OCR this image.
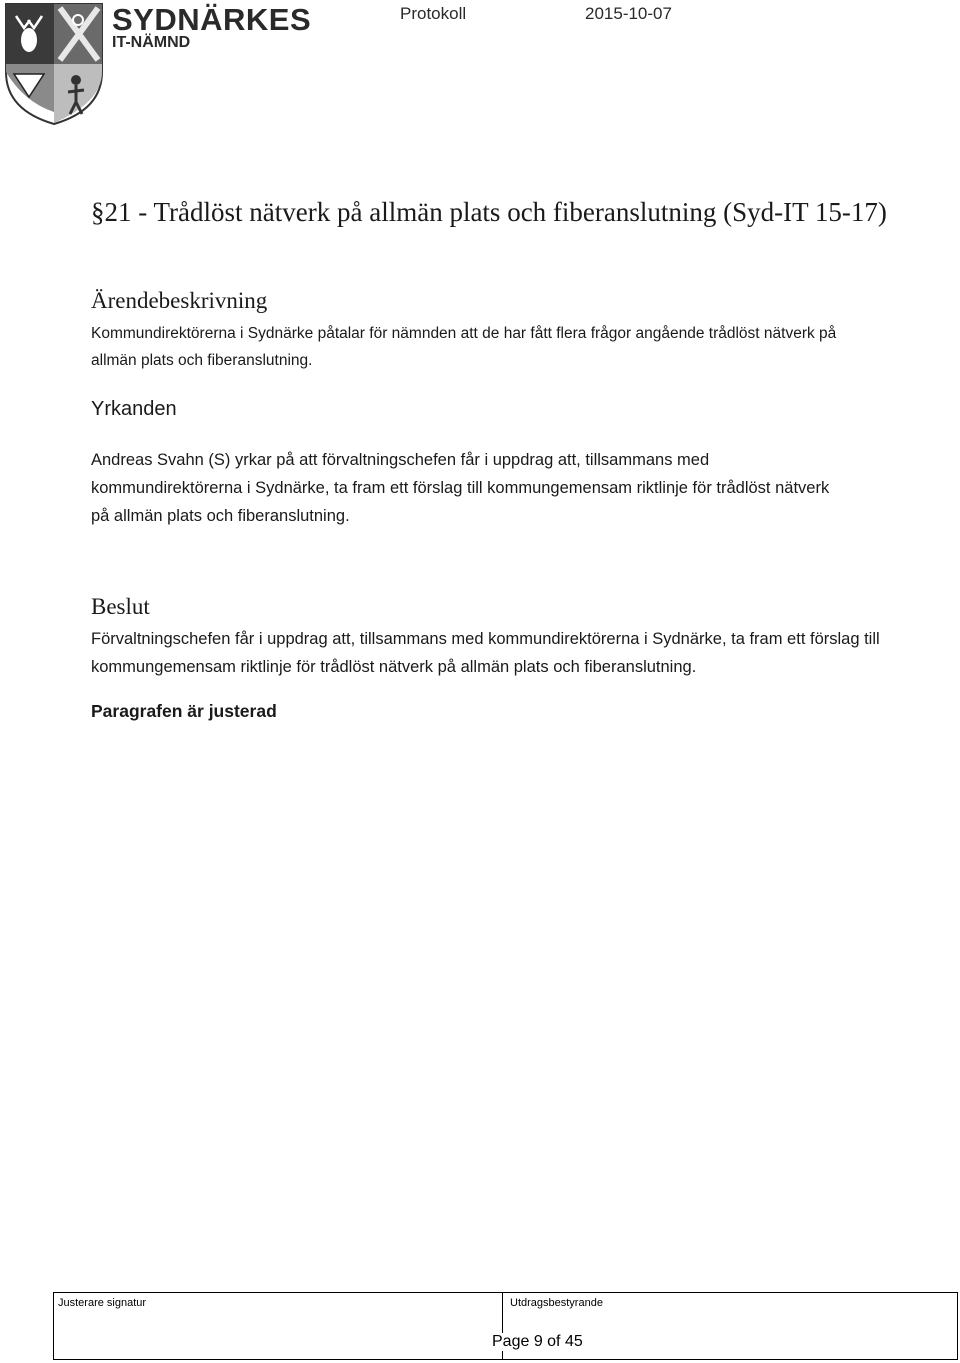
SYDNÄRKES
IT-NÄMND
Protokoll	2015-10-07
§21 - Trådlöst nätverk på allmän plats och fiberanslutning (Syd-IT 15-17)
Ärendebeskrivning
Kommundirektörerna i Sydnärke påtalar för nämnden att de har fått flera frågor angående trådlöst nätverk på allmän plats och fiberanslutning.
Yrkanden
Andreas Svahn (S) yrkar på att förvaltningschefen får i uppdrag att, tillsammans med kommundirektörerna i Sydnärke, ta fram ett förslag till kommungemensam riktlinje för trådlöst nätverk på allmän plats och fiberanslutning.
Beslut
Förvaltningschefen får i uppdrag att, tillsammans med kommundirektörerna i Sydnärke, ta fram ett förslag till kommungemensam riktlinje för trådlöst nätverk på allmän plats och fiberanslutning.
Paragrafen är justerad
Justerare signatur	Utdragsbestyrande
Page 9 of 45
